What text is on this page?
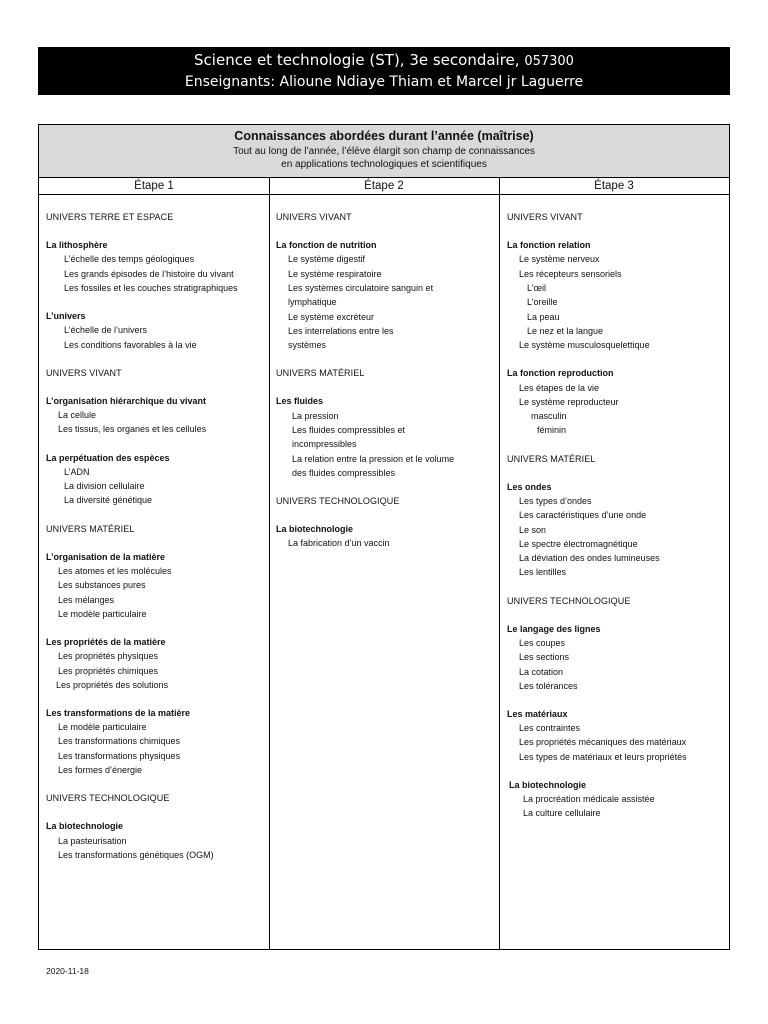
Science et technologie (ST), 3e secondaire, 057300
Enseignants: Alioune Ndiaye Thiam et Marcel jr Laguerre
Connaissances abordées durant l’année (maîtrise)
Tout au long de l’année, l’élève élargit son champ de connaissances
en applications technologiques et scientifiques
Étape 1	Étape 2	Étape 3
UNIVERS TERRE ET ESPACE
La lithosphère
L’échelle des temps géologiques
Les grands épisodes de l’histoire du vivant
Les fossiles et les couches stratigraphiques
L’univers
L’échelle de l’univers
Les conditions favorables à la vie
UNIVERS VIVANT
L’organisation hiérarchique du vivant
La cellule
Les tissus, les organes et les cellules
La perpétuation des espèces
L’ADN
La division cellulaire
La diversité génétique
UNIVERS MATÉRIEL
L’organisation de la matière
Les atomes et les molécules
Les substances pures
Les mélanges
Le modèle particulaire
Les propriétés de la matière
Les propriétés physiques
Les propriétés chimiques
Les propriétés des solutions
Les transformations de la matière
Le modèle particulaire
Les transformations chimiques
Les transformations physiques
Les formes d’énergie
UNIVERS TECHNOLOGIQUE
La biotechnologie
La pasteurisation
Les transformations génétiques (OGM)
UNIVERS VIVANT
La fonction de nutrition
Le système digestif
Le système respiratoire
Les systèmes circulatoire sanguin et
lymphatique
Le système excréteur
Les interrelations entre les
systèmes
UNIVERS MATÉRIEL
Les fluides
La pression
Les fluides compressibles et
incompressibles
La relation entre la pression et le volume
des fluides compressibles
UNIVERS TECHNOLOGIQUE
La biotechnologie
La fabrication d’un vaccin
UNIVERS VIVANT
La fonction relation
Le système nerveux
Les récepteurs sensoriels
L’œil
L’oreille
La peau
Le nez et la langue
Le système musculosquelettique
La fonction reproduction
Les étapes de la vie
Le système reproducteur
masculin
féminin
UNIVERS MATÉRIEL
Les ondes
Les types d’ondes
Les caractéristiques d’une onde
Le son
Le spectre électromagnétique
La déviation des ondes lumineuses
Les lentilles
UNIVERS TECHNOLOGIQUE
Le langage des lignes
Les coupes
Les sections
La cotation
Les tolérances
Les matériaux
Les contraintes
Les propriétés mécaniques des matériaux
Les types de matériaux et leurs propriétés
La biotechnologie
La procréation médicale assistée
La culture cellulaire
2020-11-18
